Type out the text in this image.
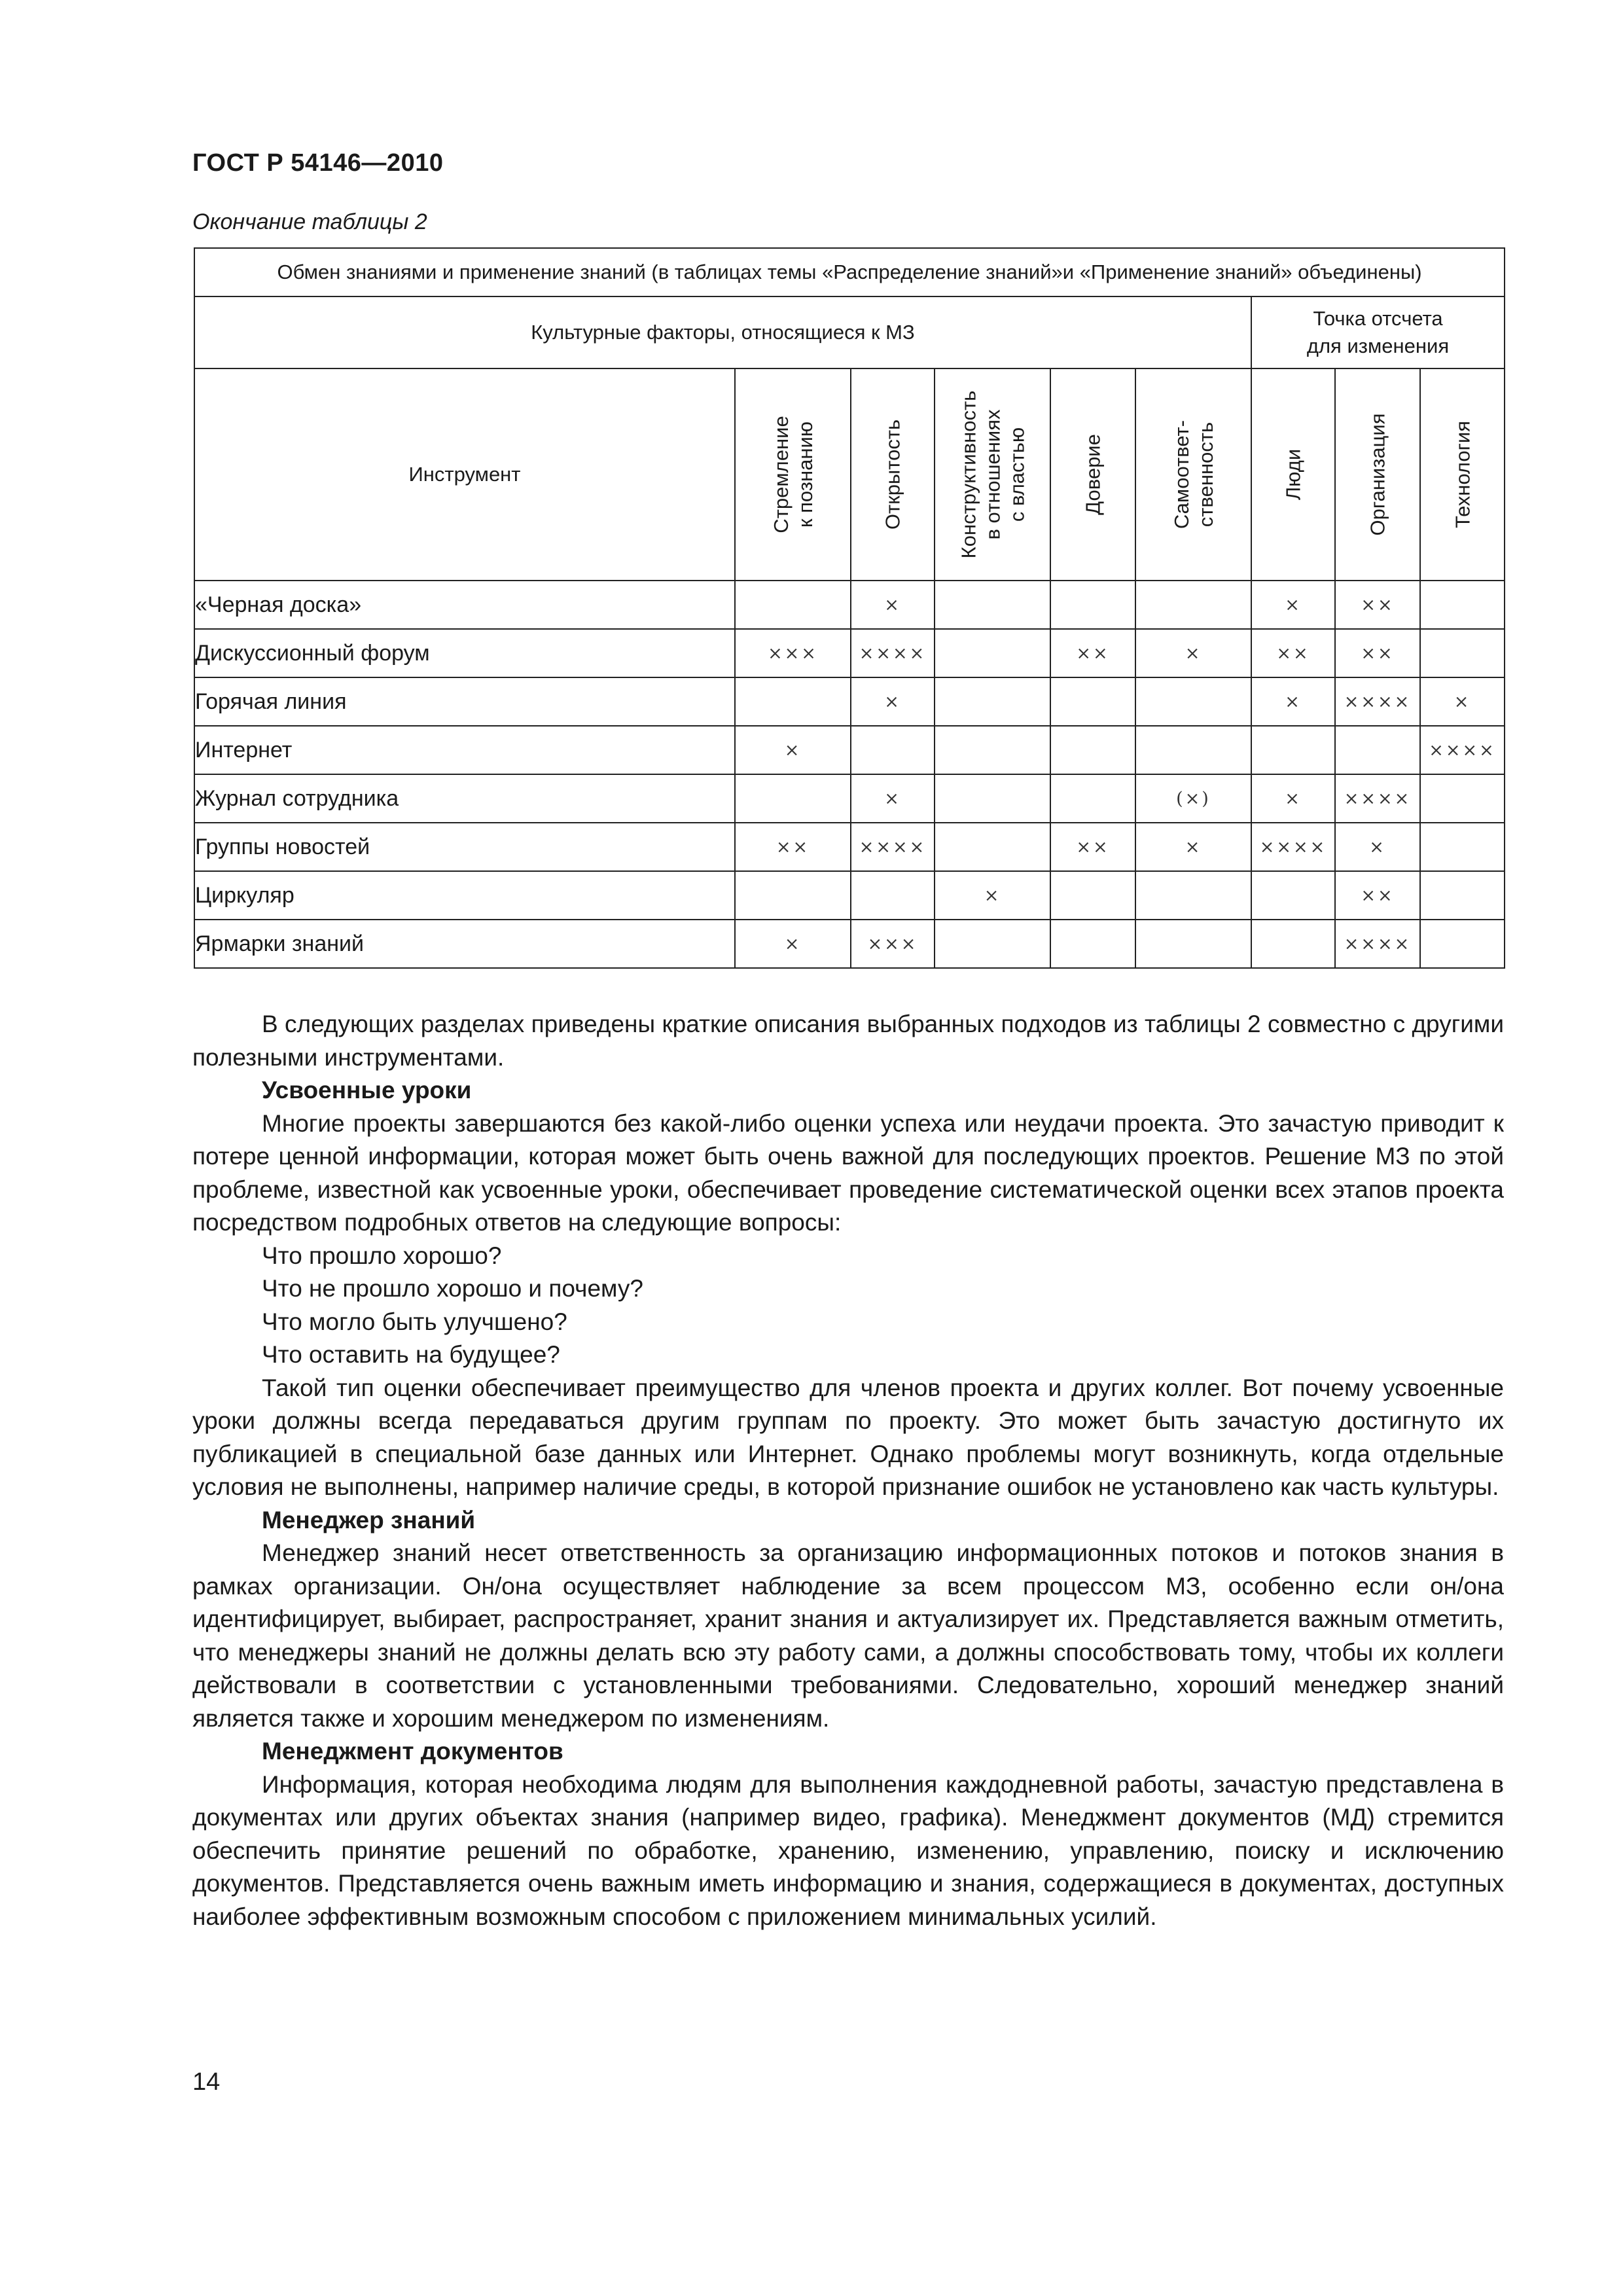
ГОСТ Р 54146—2010
Окончание таблицы 2
Обмен знаниями и применение знаний (в таблицах темы «Распределение знаний»и «Применение знаний» объединены)								
Культурные факторы, относящиеся к МЗ						Точка отсчета
для изменения		
Инструмент	Стремление
к познанию	Открытость	Конструктивность
в отношениях
с властью	Доверие	Самоответ-
ственность	Люди	Организация	Технология

«Черная доска»		×				×	××	
Дискуссионный форум	×××	××××		××	×	××	××	
Горячая линия		×				×	××××	×
Интернет	×							××××
Журнал сотрудника		×			(×)	×	××××	
Группы новостей	××	××××		××	×	××××	×	
Циркуляр			×				××	
Ярмарки знаний	×	×××					××××	

В следующих разделах приведены краткие описания выбранных подходов из таблицы 2 совместно с другими полезными инструментами.

Усвоенные уроки

Многие проекты завершаются без какой-либо оценки успеха или неудачи проекта. Это зачастую приводит к потере ценной информации, которая может быть очень важной для последующих проектов. Решение МЗ по этой проблеме, известной как усвоенные уроки, обеспечивает проведение систематической оценки всех этапов проекта посредством подробных ответов на следующие вопросы:

Что прошло хорошо?

Что не прошло хорошо и почему?

Что могло быть улучшено?

Что оставить на будущее?

Такой тип оценки обеспечивает преимущество для членов проекта и других коллег. Вот почему усвоенные уроки должны всегда передаваться другим группам по проекту. Это может быть зачастую достигнуто их публикацией в специальной базе данных или Интернет. Однако проблемы могут возникнуть, когда отдельные условия не выполнены, например наличие среды, в которой признание ошибок не установлено как часть культуры.

Менеджер знаний

Менеджер знаний несет ответственность за организацию информационных потоков и потоков знания в рамках организации. Он/она осуществляет наблюдение за всем процессом МЗ, особенно если он/она идентифицирует, выбирает, распространяет, хранит знания и актуализирует их. Представляется важным отметить, что менеджеры знаний не должны делать всю эту работу сами, а должны способствовать тому, чтобы их коллеги действовали в соответствии с установленными требованиями. Следовательно, хороший менеджер знаний является также и хорошим менеджером по изменениям.

Менеджмент документов

Информация, которая необходима людям для выполнения каждодневной работы, зачастую представлена в документах или других объектах знания (например видео, графика). Менеджмент документов (МД) стремится обеспечить принятие решений по обработке, хранению, изменению, управлению, поиску и исключению документов. Представляется очень важным иметь информацию и знания, содержащиеся в документах, доступных наиболее эффективным возможным способом с приложением минимальных усилий.

14
